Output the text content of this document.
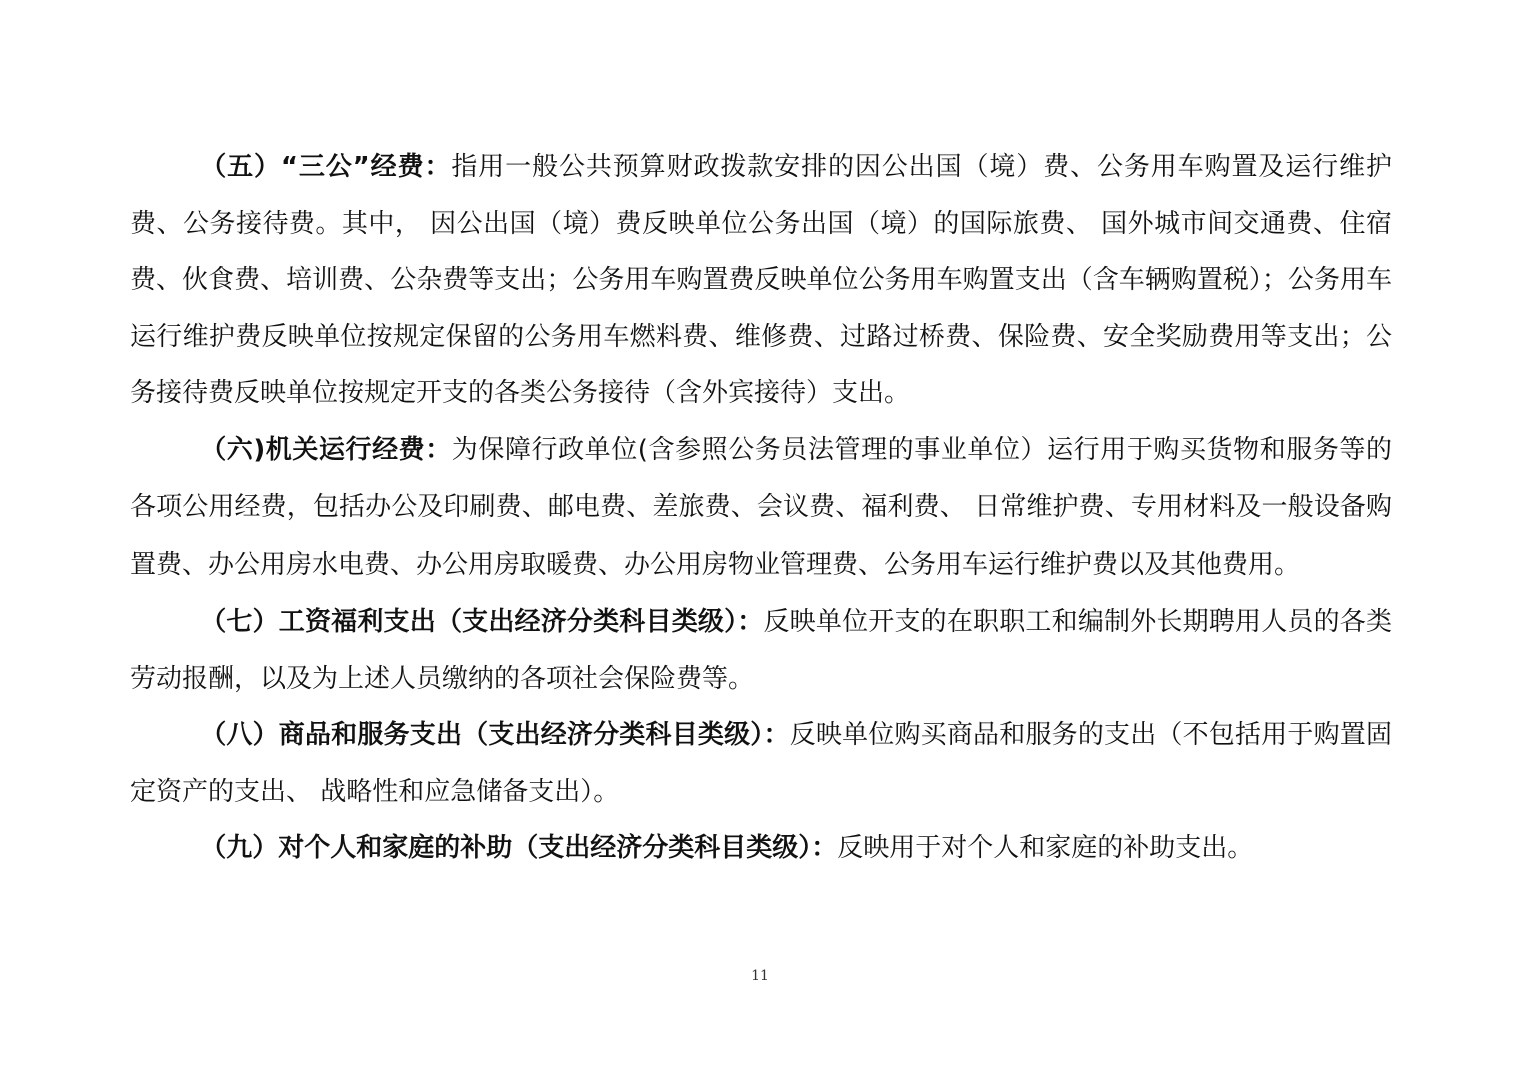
（五）“三公”经费：指用一般公共预算财政拨款安排的因公出国（境）费、公务用车购置及运行维护费、公务接待费。其中， 因公出国（境）费反映单位公务出国（境）的国际旅费、 国外城市间交通费、住宿费、伙食费、培训费、公杂费等支出；公务用车购置费反映单位公务用车购置支出（含车辆购置税）；公务用车运行维护费反映单位按规定保留的公务用车燃料费、维修费、过路过桥费、保险费、安全奖励费用等支出；公务接待费反映单位按规定开支的各类公务接待（含外宾接待）支出。

（六)机关运行经费：为保障行政单位(含参照公务员法管理的事业单位）运行用于购买货物和服务等的各项公用经费，包括办公及印刷费、邮电费、差旅费、会议费、福利费、 日常维护费、专用材料及一般设备购置费、办公用房水电费、办公用房取暖费、办公用房物业管理费、公务用车运行维护费以及其他费用。

（七）工资福利支出（支出经济分类科目类级）：反映单位开支的在职职工和编制外长期聘用人员的各类劳动报酬，以及为上述人员缴纳的各项社会保险费等。

（八）商品和服务支出（支出经济分类科目类级）：反映单位购买商品和服务的支出（不包括用于购置固定资产的支出、 战略性和应急储备支出）。

（九）对个人和家庭的补助（支出经济分类科目类级）：反映用于对个人和家庭的补助支出。

11
